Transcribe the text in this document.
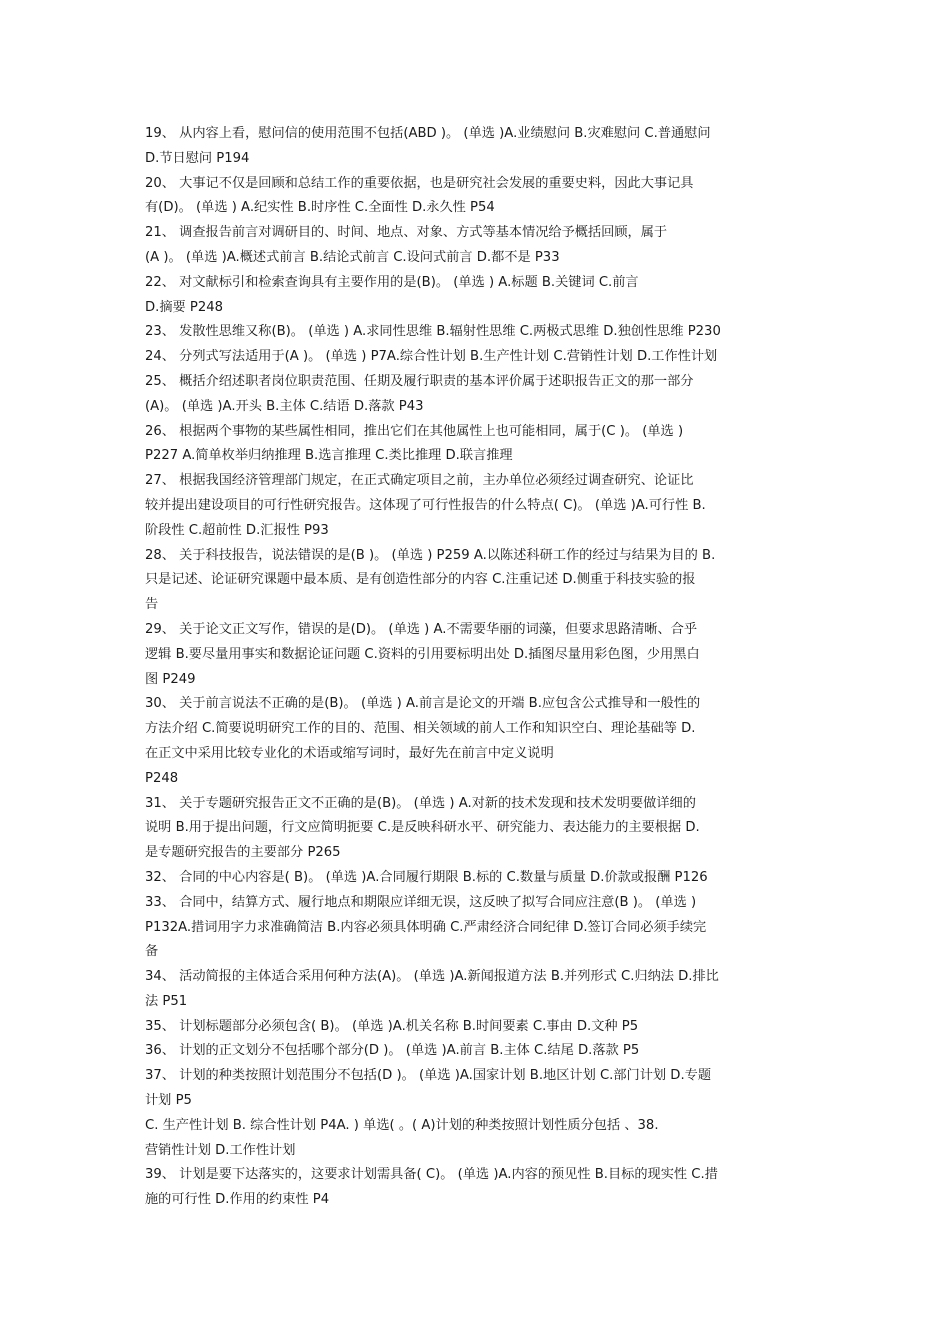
19、 从内容上看，慰问信的使用范围不包括(ABD )。 (单选 )A.业绩慰问 B.灾难慰问 C.普通慰问
D.节日慰问 P194
20、 大事记不仅是回顾和总结工作的重要依据，也是研究社会发展的重要史料，因此大事记具
有(D)。 (单选 ) A.纪实性 B.时序性 C.全面性 D.永久性 P54
21、 调查报告前言对调研目的、时间、地点、对象、方式等基本情况给予概括回顾，属于
(A )。 (单选 )A.概述式前言 B.结论式前言 C.设问式前言 D.都不是 P33
22、 对文献标引和检索查询具有主要作用的是(B)。 (单选 ) A.标题 B.关键词 C.前言
D.摘要 P248
23、 发散性思维又称(B)。 (单选 ) A.求同性思维 B.辐射性思维 C.两极式思维 D.独创性思维 P230
24、 分列式写法适用于(A )。 (单选 ) P7A.综合性计划 B.生产性计划 C.营销性计划 D.工作性计划
25、 概括介绍述职者岗位职责范围、任期及履行职责的基本评价属于述职报告正文的那一部分
(A)。 (单选 )A.开头 B.主体 C.结语 D.落款 P43
26、 根据两个事物的某些属性相同，推出它们在其他属性上也可能相同，属于(C )。 (单选 )
P227 A.简单枚举归纳推理 B.选言推理 C.类比推理 D.联言推理
27、 根据我国经济管理部门规定，在正式确定项目之前，主办单位必须经过调查研究、论证比
较并提出建设项目的可行性研究报告。这体现了可行性报告的什么特点( C)。 (单选 )A.可行性 B.
阶段性 C.超前性 D.汇报性 P93
28、 关于科技报告，说法错误的是(B )。 (单选 ) P259 A.以陈述科研工作的经过与结果为目的 B.
只是记述、论证研究课题中最本质、是有创造性部分的内容 C.注重记述 D.侧重于科技实验的报
告
29、 关于论文正文写作，错误的是(D)。 (单选 ) A.不需要华丽的词藻，但要求思路清晰、合乎
逻辑 B.要尽量用事实和数据论证问题 C.资料的引用要标明出处 D.插图尽量用彩色图，少用黑白
图 P249
30、 关于前言说法不正确的是(B)。 (单选 ) A.前言是论文的开端 B.应包含公式推导和一般性的
方法介绍 C.简要说明研究工作的目的、范围、相关领域的前人工作和知识空白、理论基础等 D.
在正文中采用比较专业化的术语或缩写词时，最好先在前言中定义说明
P248
31、 关于专题研究报告正文不正确的是(B)。 (单选 ) A.对新的技术发现和技术发明要做详细的
说明 B.用于提出问题，行文应简明扼要 C.是反映科研水平、研究能力、表达能力的主要根据 D.
是专题研究报告的主要部分 P265
32、 合同的中心内容是( B)。 (单选 )A.合同履行期限 B.标的 C.数量与质量 D.价款或报酬 P126
33、 合同中，结算方式、履行地点和期限应详细无误，这反映了拟写合同应注意(B )。 (单选 )
P132A.措词用字力求准确简洁 B.内容必须具体明确 C.严肃经济合同纪律 D.签订合同必须手续完
备
34、 活动简报的主体适合采用何种方法(A)。 (单选 )A.新闻报道方法 B.并列形式 C.归纳法 D.排比
法 P51
35、 计划标题部分必须包含( B)。 (单选 )A.机关名称 B.时间要素 C.事由 D.文种 P5
36、 计划的正文划分不包括哪个部分(D )。 (单选 )A.前言 B.主体 C.结尾 D.落款 P5
37、 计划的种类按照计划范围分不包括(D )。 (单选 )A.国家计划 B.地区计划 C.部门计划 D.专题
计划 P5
C. 生产性计划 B. 综合性计划 P4A. ) 单选( 。( A)计划的种类按照计划性质分包括 、38.
营销性计划 D.工作性计划
39、 计划是要下达落实的，这要求计划需具备( C)。 (单选 )A.内容的预见性 B.目标的现实性 C.措
施的可行性 D.作用的约束性 P4
